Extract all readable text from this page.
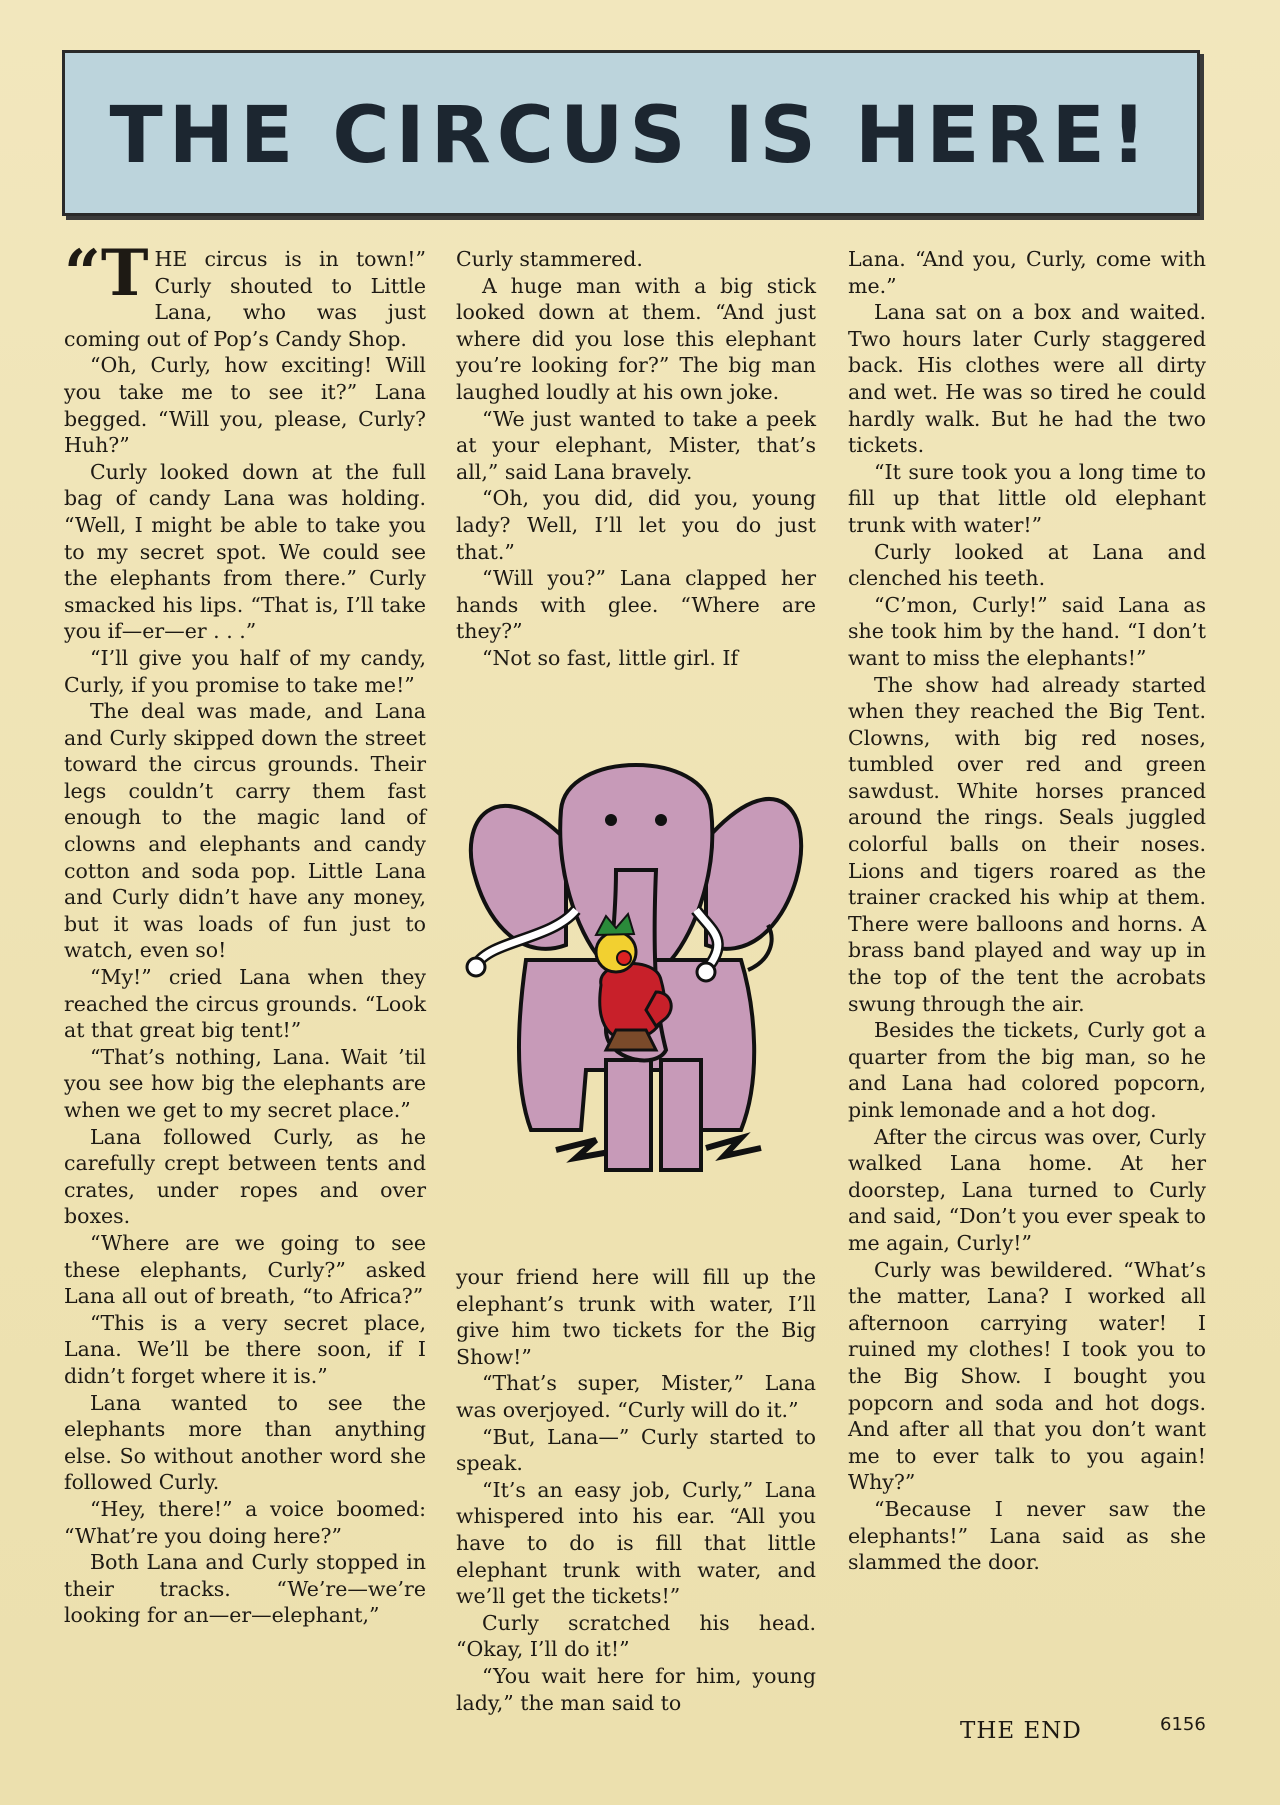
THE CIRCUS IS HERE!

“T HE circus is in town!” Curly shouted to Little Lana, who was just coming out of Pop’s Candy Shop.

“Oh, Curly, how exciting! Will you take me to see it?” Lana begged. “Will you, please, Curly? Huh?”

Curly looked down at the full bag of candy Lana was holding. “Well, I might be able to take you to my secret spot. We could see the elephants from there.” Curly smacked his lips. “That is, I’ll take you if—er—er . . .”

“I’ll give you half of my candy, Curly, if you promise to take me!”

The deal was made, and Lana and Curly skipped down the street toward the circus grounds. Their legs couldn’t carry them fast enough to the magic land of clowns and elephants and candy cotton and soda pop. Little Lana and Curly didn’t have any money, but it was loads of fun just to watch, even so!

“My!” cried Lana when they reached the circus grounds. “Look at that great big tent!”

“That’s nothing, Lana. Wait ’til you see how big the elephants are when we get to my secret place.”

Lana followed Curly, as he carefully crept between tents and crates, under ropes and over boxes.

“Where are we going to see these elephants, Curly?” asked Lana all out of breath, “to Africa?”

“This is a very secret place, Lana. We’ll be there soon, if I didn’t forget where it is.”

Lana wanted to see the elephants more than anything else. So without another word she followed Curly.

“Hey, there!” a voice boomed: “What’re you doing here?”

Both Lana and Curly stopped in their tracks. “We’re—we’re looking for an—er—elephant,”

Curly stammered.

A huge man with a big stick looked down at them. “And just where did you lose this elephant you’re looking for?” The big man laughed loudly at his own joke.

“We just wanted to take a peek at your elephant, Mister, that’s all,” said Lana bravely.

“Oh, you did, did you, young lady? Well, I’ll let you do just that.”

“Will you?” Lana clapped her hands with glee. “Where are they?”

“Not so fast, little girl. If

your friend here will fill up the elephant’s trunk with water, I’ll give him two tickets for the Big Show!”

“That’s super, Mister,” Lana was overjoyed. “Curly will do it.”

“But, Lana—” Curly started to speak.

“It’s an easy job, Curly,” Lana whispered into his ear. “All you have to do is fill that little elephant trunk with water, and we’ll get the tickets!”

Curly scratched his head. “Okay, I’ll do it!”

“You wait here for him, young lady,” the man said to

Lana. “And you, Curly, come with me.”

Lana sat on a box and waited. Two hours later Curly staggered back. His clothes were all dirty and wet. He was so tired he could hardly walk. But he had the two tickets.

“It sure took you a long time to fill up that little old elephant trunk with water!”

Curly looked at Lana and clenched his teeth.

“C’mon, Curly!” said Lana as she took him by the hand. “I don’t want to miss the elephants!”

The show had already started when they reached the Big Tent. Clowns, with big red noses, tumbled over red and green sawdust. White horses pranced around the rings. Seals juggled colorful balls on their noses. Lions and tigers roared as the trainer cracked his whip at them. There were balloons and horns. A brass band played and way up in the top of the tent the acrobats swung through the air.

Besides the tickets, Curly got a quarter from the big man, so he and Lana had colored popcorn, pink lemonade and a hot dog.

After the circus was over, Curly walked Lana home. At her doorstep, Lana turned to Curly and said, “Don’t you ever speak to me again, Curly!”

Curly was bewildered. “What’s the matter, Lana? I worked all afternoon carrying water! I ruined my clothes! I took you to the Big Show. I bought you popcorn and soda and hot dogs. And after all that you don’t want me to ever talk to you again! Why?”

“Because I never saw the elephants!” Lana said as she slammed the door.

THE END	6156
